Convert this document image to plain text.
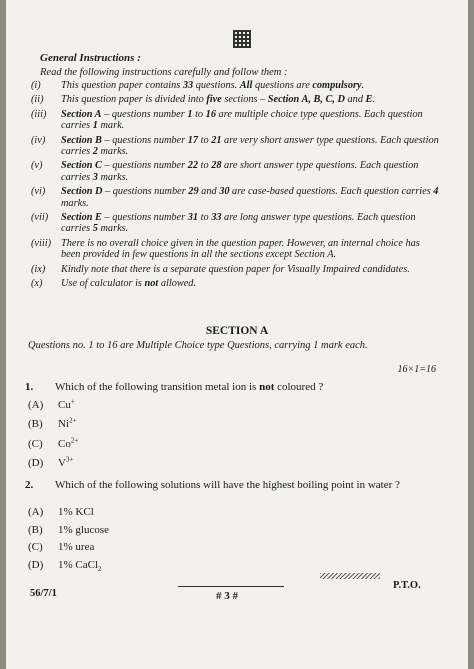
General Instructions :
Read the following instructions carefully and follow them :
(i)	This question paper contains 33 questions. All questions are compulsory.
(ii)	This question paper is divided into five sections – Section A, B, C, D and E.
(iii)	Section A – questions number 1 to 16 are multiple choice type questions. Each question carries 1 mark.
(iv)	Section B – questions number 17 to 21 are very short answer type questions. Each question carries 2 marks.
(v)	Section C – questions number 22 to 28 are short answer type questions. Each question carries 3 marks.
(vi)	Section D – questions number 29 and 30 are case-based questions. Each question carries 4 marks.
(vii)	Section E – questions number 31 to 33 are long answer type questions. Each question carries 5 marks.
(viii) There is no overall choice given in the question paper. However, an internal choice has been provided in few questions in all the sections except Section A.
(ix)	Kindly note that there is a separate question paper for Visually Impaired candidates.
(x)	Use of calculator is not allowed.
SECTION A
Questions no. 1 to 16 are Multiple Choice type Questions, carrying 1 mark each.
16×1=16
1. Which of the following transition metal ion is not coloured ?
(A) Cu+
(B) $Ni^{2+}$
(C) $Co^{2+}$
(D) $V^{3+}$
2. Which of the following solutions will have the highest boiling point in water ?
(A) 1% KCl
(B) 1% glucose
(C) 1% urea
(D) 1% CaCl$_2$
P.T.O.
56/7/1	# 3 #
